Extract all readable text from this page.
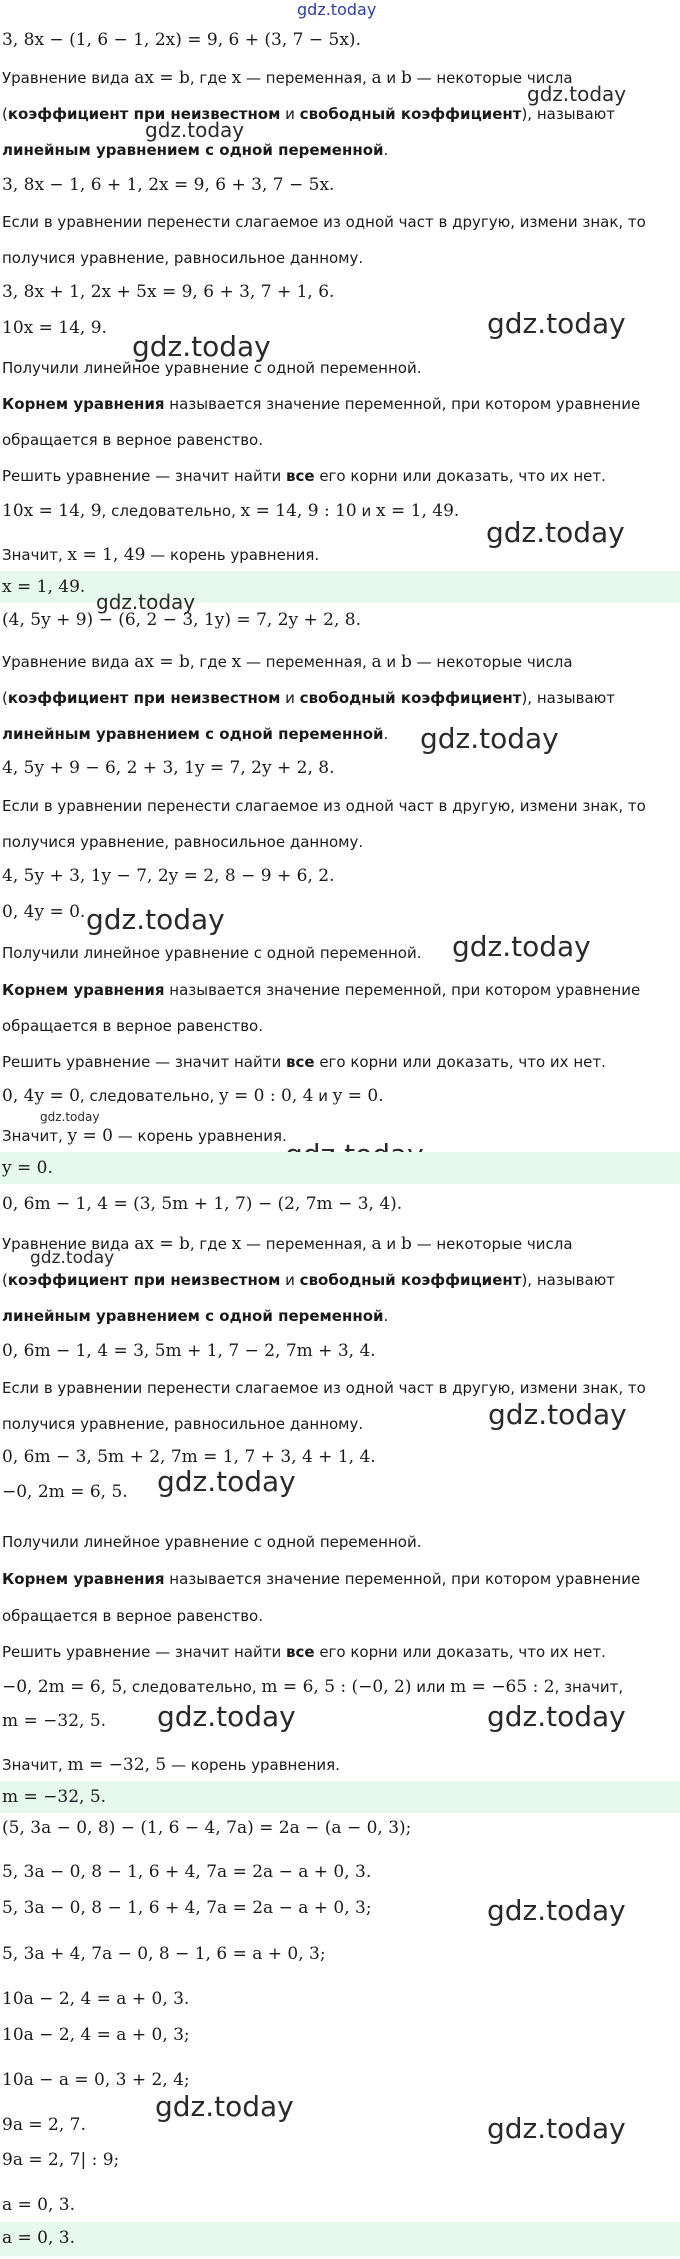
gdz.today
3, 8x − (1, 6 − 1, 2x) = 9, 6 + (3, 7 − 5x).
Уравнение вида ax = b, где x — переменная, a и b — некоторые числа
gdz.today
(коэффициент при неизвестном и свободный коэффициент), называют
gdz.today
линейным уравнением с одной переменной.
3, 8x − 1, 6 + 1, 2x = 9, 6 + 3, 7 − 5x.
Если в уравнении перенести слагаемое из одной част в другую, измени знак, то
получися уравнение, равносильное данному.
3, 8x + 1, 2x + 5x = 9, 6 + 3, 7 + 1, 6.
gdz.today
10x = 14, 9.
gdz.today
Получили линейное уравнение с одной переменной.
Корнем уравнения называется значение переменной, при котором уравнение
обращается в верное равенство.
Решить уравнение — значит найти все его корни или доказать, что их нет.
10x = 14, 9, следовательно, x = 14, 9 : 10 и x = 1, 49.
gdz.today
Значит, x = 1, 49 — корень уравнения.
x = 1, 49.
gdz.today
(4, 5y + 9) − (6, 2 − 3, 1y) = 7, 2y + 2, 8.
Уравнение вида ax = b, где x — переменная, a и b — некоторые числа
(коэффициент при неизвестном и свободный коэффициент), называют
линейным уравнением с одной переменной. gdz.today
4, 5y + 9 − 6, 2 + 3, 1y = 7, 2y + 2, 8.
Если в уравнении перенести слагаемое из одной част в другую, измени знак, то
получися уравнение, равносильное данному.
4, 5y + 3, 1y − 7, 2y = 2, 8 − 9 + 6, 2.
0, 4y = 0. gdz.today
gdz.today
Получили линейное уравнение с одной переменной.
Корнем уравнения называется значение переменной, при котором уравнение
обращается в верное равенство.
Решить уравнение — значит найти все его корни или доказать, что их нет.
0, 4y = 0, следовательно, y = 0 : 0, 4 и y = 0.
gdz.today
Значит, y = 0 — корень уравнения.
y = 0.
0, 6m − 1, 4 = (3, 5m + 1, 7) − (2, 7m − 3, 4).
Уравнение вида ax = b, где x — переменная, a и b — некоторые числа
gdz.today
(коэффициент при неизвестном и свободный коэффициент), называют
линейным уравнением с одной переменной.
0, 6m − 1, 4 = 3, 5m + 1, 7 − 2, 7m + 3, 4.
Если в уравнении перенести слагаемое из одной част в другую, измени знак, то
получися уравнение, равносильное данному.	gdz.today
0, 6m − 3, 5m + 2, 7m = 1, 7 + 3, 4 + 1, 4.
−0, 2m = 6, 5. gdz.today
Получили линейное уравнение с одной переменной.
Корнем уравнения называется значение переменной, при котором уравнение
обращается в верное равенство.
Решить уравнение — значит найти все его корни или доказать, что их нет.
−0, 2m = 6, 5, следовательно, m = 6, 5 : (−0, 2) или m = −65 : 2, значит,
m = −32, 5. gdz.today	gdz.today
Значит, m = −32, 5 — корень уравнения.
m = −32, 5.
(5, 3a − 0, 8) − (1, 6 − 4, 7a) = 2a − (a − 0, 3);
5, 3a − 0, 8 − 1, 6 + 4, 7a = 2a − a + 0, 3.
5, 3a − 0, 8 − 1, 6 + 4, 7a = 2a − a + 0, 3;	gdz.today
5, 3a + 4, 7a − 0, 8 − 1, 6 = a + 0, 3;
10a − 2, 4 = a + 0, 3.
10a − 2, 4 = a + 0, 3;
10a − a = 0, 3 + 2, 4;
gdz.today
9a = 2, 7.	gdz.today
9a = 2, 7| : 9;
a = 0, 3.
a = 0, 3.
